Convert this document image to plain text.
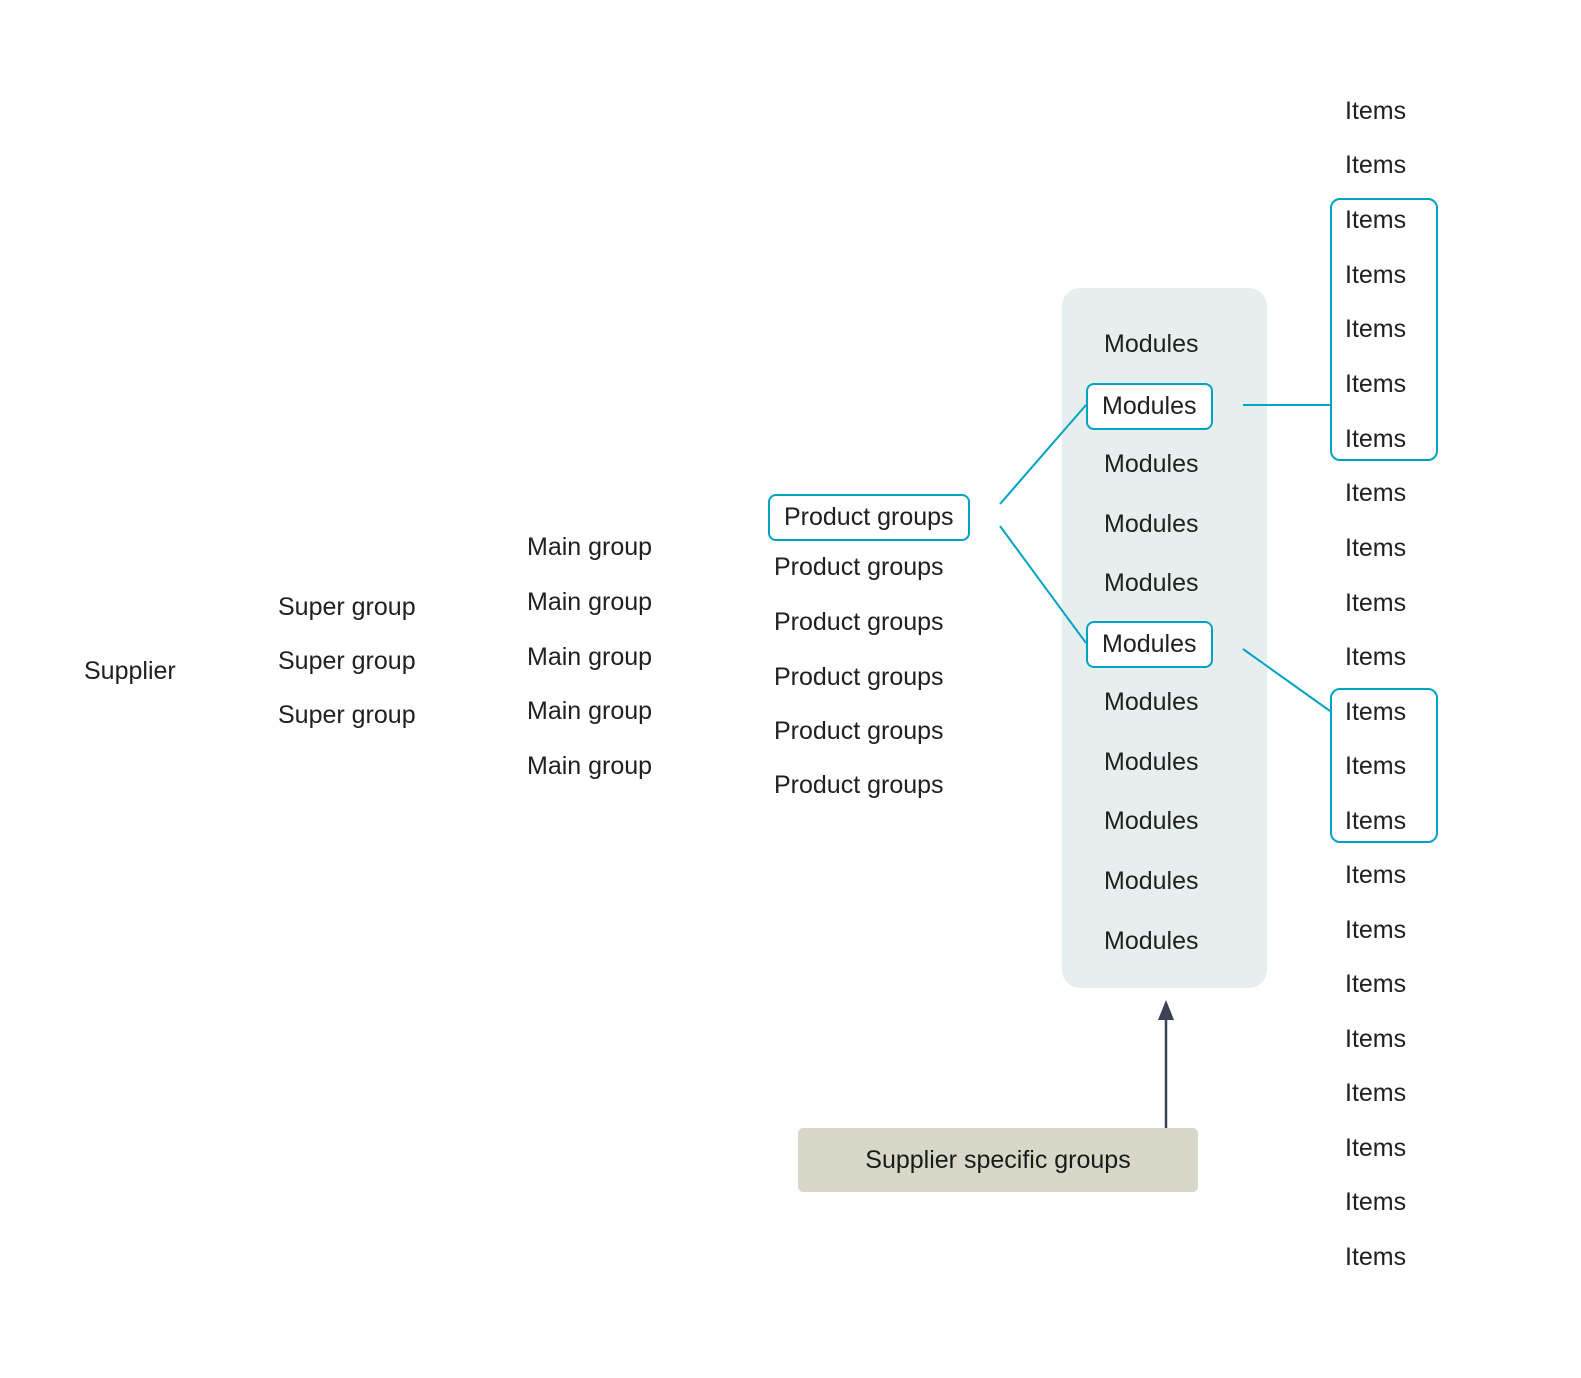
Supplier
Super group
Super group
Super group
Main group
Main group
Main group
Main group
Main group
Product groups
Product groups
Product groups
Product groups
Product groups
Product groups
Modules
Modules
Modules
Modules
Modules
Modules
Modules
Modules
Modules
Modules
Modules
Items
Items
Items
Items
Items
Items
Items
Items
Items
Items
Items
Items
Items
Items
Items
Items
Items
Items
Items
Items
Items
Items
Supplier specific groups
